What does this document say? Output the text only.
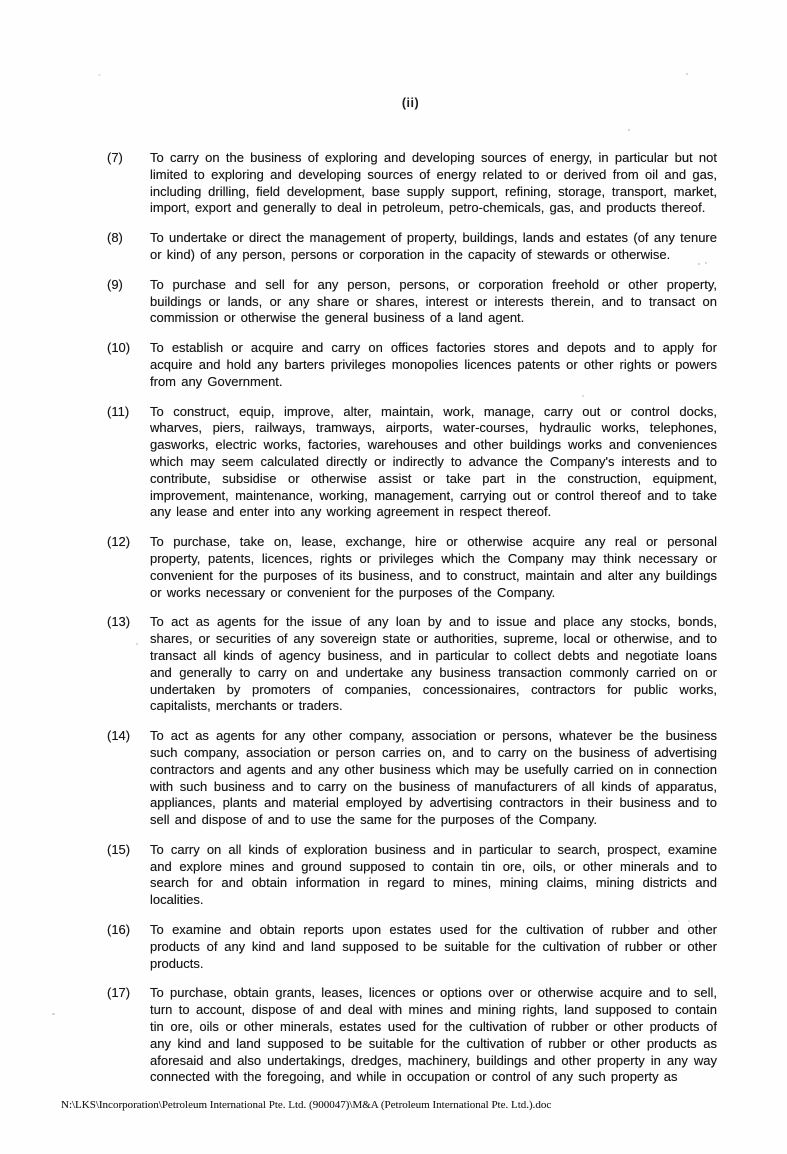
(ii)
(7)	To carry on the business of exploring and developing sources of energy, in particular but not limited to exploring and developing sources of energy related to or derived from oil and gas, including drilling, field development, base supply support, refining, storage, transport, market, import, export and generally to deal in petroleum, petro-chemicals, gas, and products thereof.
(8)	To undertake or direct the management of property, buildings, lands and estates (of any tenure or kind) of any person, persons or corporation in the capacity of stewards or otherwise.
(9)	To purchase and sell for any person, persons, or corporation freehold or other property, buildings or lands, or any share or shares, interest or interests therein, and to transact on commission or otherwise the general business of a land agent.
(10)	To establish or acquire and carry on offices factories stores and depots and to apply for acquire and hold any barters privileges monopolies licences patents or other rights or powers from any Government.
(11)	To construct, equip, improve, alter, maintain, work, manage, carry out or control docks, wharves, piers, railways, tramways, airports, water-courses, hydraulic works, telephones, gasworks, electric works, factories, warehouses and other buildings works and conveniences which may seem calculated directly or indirectly to advance the Company's interests and to contribute, subsidise or otherwise assist or take part in the construction, equipment, improvement, maintenance, working, management, carrying out or control thereof and to take any lease and enter into any working agreement in respect thereof.
(12)	To purchase, take on, lease, exchange, hire or otherwise acquire any real or personal property, patents, licences, rights or privileges which the Company may think necessary or convenient for the purposes of its business, and to construct, maintain and alter any buildings or works necessary or convenient for the purposes of the Company.
(13)	To act as agents for the issue of any loan by and to issue and place any stocks, bonds, shares, or securities of any sovereign state or authorities, supreme, local or otherwise, and to transact all kinds of agency business, and in particular to collect debts and negotiate loans and generally to carry on and undertake any business transaction commonly carried on or undertaken by promoters of companies, concessionaires, contractors for public works, capitalists, merchants or traders.
(14)	To act as agents for any other company, association or persons, whatever be the business such company, association or person carries on, and to carry on the business of advertising contractors and agents and any other business which may be usefully carried on in connection with such business and to carry on the business of manufacturers of all kinds of apparatus, appliances, plants and material employed by advertising contractors in their business and to sell and dispose of and to use the same for the purposes of the Company.
(15)	To carry on all kinds of exploration business and in particular to search, prospect, examine and explore mines and ground supposed to contain tin ore, oils, or other minerals and to search for and obtain information in regard to mines, mining claims, mining districts and localities.
(16)	To examine and obtain reports upon estates used for the cultivation of rubber and other products of any kind and land supposed to be suitable for the cultivation of rubber or other products.
(17)	To purchase, obtain grants, leases, licences or options over or otherwise acquire and to sell, turn to account, dispose of and deal with mines and mining rights, land supposed to contain tin ore, oils or other minerals, estates used for the cultivation of rubber or other products of any kind and land supposed to be suitable for the cultivation of rubber or other products as aforesaid and also undertakings, dredges, machinery, buildings and other property in any way connected with the foregoing, and while in occupation or control of any such property as
N:\LKS\Incorporation\Petroleum International Pte. Ltd. (900047)\M&A (Petroleum International Pte. Ltd.).doc
